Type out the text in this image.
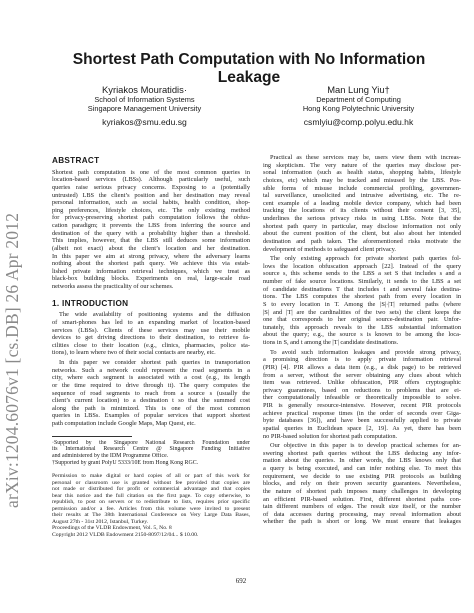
arXiv:1204.6076v1 [cs.DB] 26 Apr 2012
Shortest Path Computation with No Information Leakage
Kyriakos Mouratidis·
School of Information Systems
Singapore Management University
kyriakos@smu.edu.sg
Man Lung Yiu†
Department of Computing
Hong Kong Polytechnic University
csmlyiu@comp.polyu.edu.hk
ABSTRACT
Shortest path computation is one of the most common queries in
location-based services (LBSs). Although particularly useful, such
queries raise serious privacy concerns. Exposing to a (potentially
untrusted) LBS the client’s position and her destination may reveal
personal information, such as social habits, health condition, shop-
ping preferences, lifestyle choices, etc. The only existing method
for privacy-preserving shortest path computation follows the obfus-
cation paradigm; it prevents the LBS from inferring the source and
destination of the query with a probability higher than a threshold.
This implies, however, that the LBS still deduces some information
(albeit not exact) about the client’s location and her destination.
In this paper we aim at strong privacy, where the adversary learns
nothing about the shortest path query. We achieve this via estab-
lished private information retrieval techniques, which we treat as
black-box building blocks. Experiments on real, large-scale road
networks assess the practicality of our schemes.
1. INTRODUCTION
The wide availability of positioning systems and the diffusion
of smart-phones has led to an expanding market of location-based
services (LBSs). Clients of these services may use their mobile
devices to get driving directions to their destination, to retrieve fa-
cilities close to their location (e.g., clinics, pharmacies, police sta-
tions), to learn where two of their social contacts are nearby, etc.
In this paper we consider shortest path queries in transportation
networks. Such a network could represent the road segments in a
city, where each segment is associated with a cost (e.g., its length
or the time required to drive through it). The query computes the
sequence of road segments to reach from a source s (usually the
client’s current location) to a destination t so that the summed cost
along the path is minimized. This is one of the most common
queries in LBSs. Examples of popular services that support shortest
path computation include Google Maps, Map Quest, etc.
·Supported by the Singapore National Research Foundation under
its International Research Centre @ Singapore Funding Initiative
and administered by the IDM Programme Office.
†Supported by grant PolyU 5333/10E from Hong Kong RGC.
Permission to make digital or hard copies of all or part of this work for
personal or classroom use is granted without fee provided that copies are
not made or distributed for profit or commercial advantage and that copies
bear this notice and the full citation on the first page. To copy otherwise, to
republish, to post on servers or to redistribute to lists, requires prior specific
permission and/or a fee. Articles from this volume were invited to present
their results at The 38th International Conference on Very Large Data Bases,
August 27th - 31st 2012, Istanbul, Turkey.
Proceedings of the VLDB Endowment, Vol. 5, No. 8
Copyright 2012 VLDB Endowment 2150-8097/12/04... $ 10.00.
Practical as these services may be, users view them with increas-
ing skepticism. The very nature of the queries may disclose per-
sonal information (such as health status, shopping habits, lifestyle
choices, etc) which may be tracked and misused by the LBS. Pos-
sible forms of misuse include commercial profiling, governmen-
tal surveillance, unsolicited and intrusive advertising, etc. The re-
cent example of a leading mobile device company, which had been
tracking the locations of its clients without their consent [3, 35],
underlines the serious privacy risks in using LBSs. Note that the
shortest path query in particular, may disclose information not only
about the current position of the client, but also about her intended
destination and path taken. The aforementioned risks motivate the
development of methods to safeguard client privacy.
The only existing approach for private shortest path queries fol-
lows the location obfuscation approach [22]. Instead of the query
source s, this scheme sends to the LBS a set S that includes s and a
number of fake source locations. Similarly, it sends to the LBS a set
of candidate destinations T that includes t and several fake destina-
tions. The LBS computes the shortest path from every location in
S to every location in T. Among the |S|·|T| returned paths (where
|S| and |T| are the cardinalities of the two sets) the client keeps the
one that corresponds to her original source-destination pair. Unfor-
tunately, this approach reveals to the LBS substantial information
about the query; e.g., the source s is known to be among the loca-
tions in S, and t among the |T| candidate destinations.
To avoid such information leakages and provide strong privacy,
a promising direction is to apply private information retrieval
(PIR) [4]. PIR allows a data item (e.g., a disk page) to be retrieved
from a server, without the server obtaining any clues about which
item was retrieved. Unlike obfuscation, PIR offers cryptographic
privacy guarantees, based on reductions to problems that are ei-
ther computationally infeasible or theoretically impossible to solve.
PIR is generally resource-intensive. However, recent PIR protocols
achieve practical response times (in the order of seconds over Giga-
byte databases [36]), and have been successfully applied to private
spatial queries in Euclidean space [2, 19]. As yet, there has been
no PIR-based solution for shortest path computation.
Our objective in this paper is to develop practical schemes for an-
swering shortest path queries without the LBS deducing any infor-
mation about the queries. In other words, the LBS knows only that
a query is being executed, and can infer nothing else. To meet this
requirement, we decide to use existing PIR protocols as building
blocks, and rely on their proven security guarantees. Nevertheless,
the nature of shortest path imposes many challenges in developing
an efficient PIR-based solution. First, different shortest paths con-
tain different numbers of edges. The result size itself, or the number
of data accesses during processing, may reveal information about
whether the path is short or long. We must ensure that leakages
692
